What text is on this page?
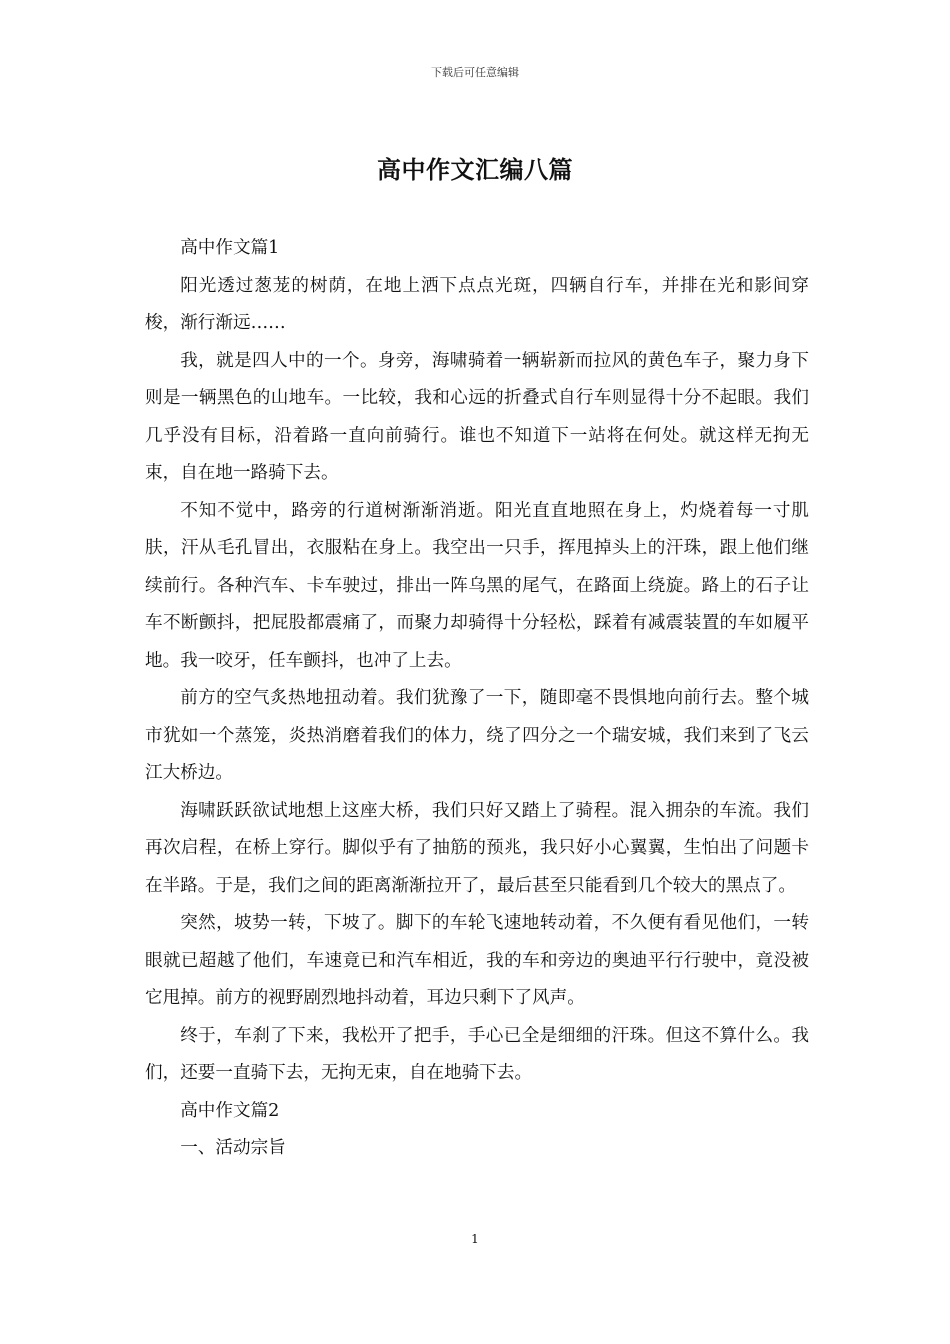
下载后可任意编辑
高中作文汇编八篇

高中作文篇1

阳光透过葱茏的树荫，在地上洒下点点光斑，四辆自行车，并排在光和影间穿梭，渐行渐远……

我，就是四人中的一个。身旁，海啸骑着一辆崭新而拉风的黄色车子，聚力身下则是一辆黑色的山地车。一比较，我和心远的折叠式自行车则显得十分不起眼。我们几乎没有目标，沿着路一直向前骑行。谁也不知道下一站将在何处。就这样无拘无束，自在地一路骑下去。

不知不觉中，路旁的行道树渐渐消逝。阳光直直地照在身上，灼烧着每一寸肌肤，汗从毛孔冒出，衣服粘在身上。我空出一只手，挥甩掉头上的汗珠，跟上他们继续前行。各种汽车、卡车驶过，排出一阵乌黑的尾气，在路面上绕旋。路上的石子让车不断颤抖，把屁股都震痛了，而聚力却骑得十分轻松，踩着有减震装置的车如履平地。我一咬牙，任车颤抖，也冲了上去。

前方的空气炙热地扭动着。我们犹豫了一下，随即毫不畏惧地向前行去。整个城市犹如一个蒸笼，炎热消磨着我们的体力，绕了四分之一个瑞安城，我们来到了飞云江大桥边。

海啸跃跃欲试地想上这座大桥，我们只好又踏上了骑程。混入拥杂的车流。我们再次启程，在桥上穿行。脚似乎有了抽筋的预兆，我只好小心翼翼，生怕出了问题卡在半路。于是，我们之间的距离渐渐拉开了，最后甚至只能看到几个较大的黑点了。

突然，坡势一转，下坡了。脚下的车轮飞速地转动着，不久便有看见他们，一转眼就已超越了他们，车速竟已和汽车相近，我的车和旁边的奥迪平行行驶中，竟没被它甩掉。前方的视野剧烈地抖动着，耳边只剩下了风声。

终于，车刹了下来，我松开了把手，手心已全是细细的汗珠。但这不算什么。我们，还要一直骑下去，无拘无束，自在地骑下去。

高中作文篇2

一、活动宗旨

1
